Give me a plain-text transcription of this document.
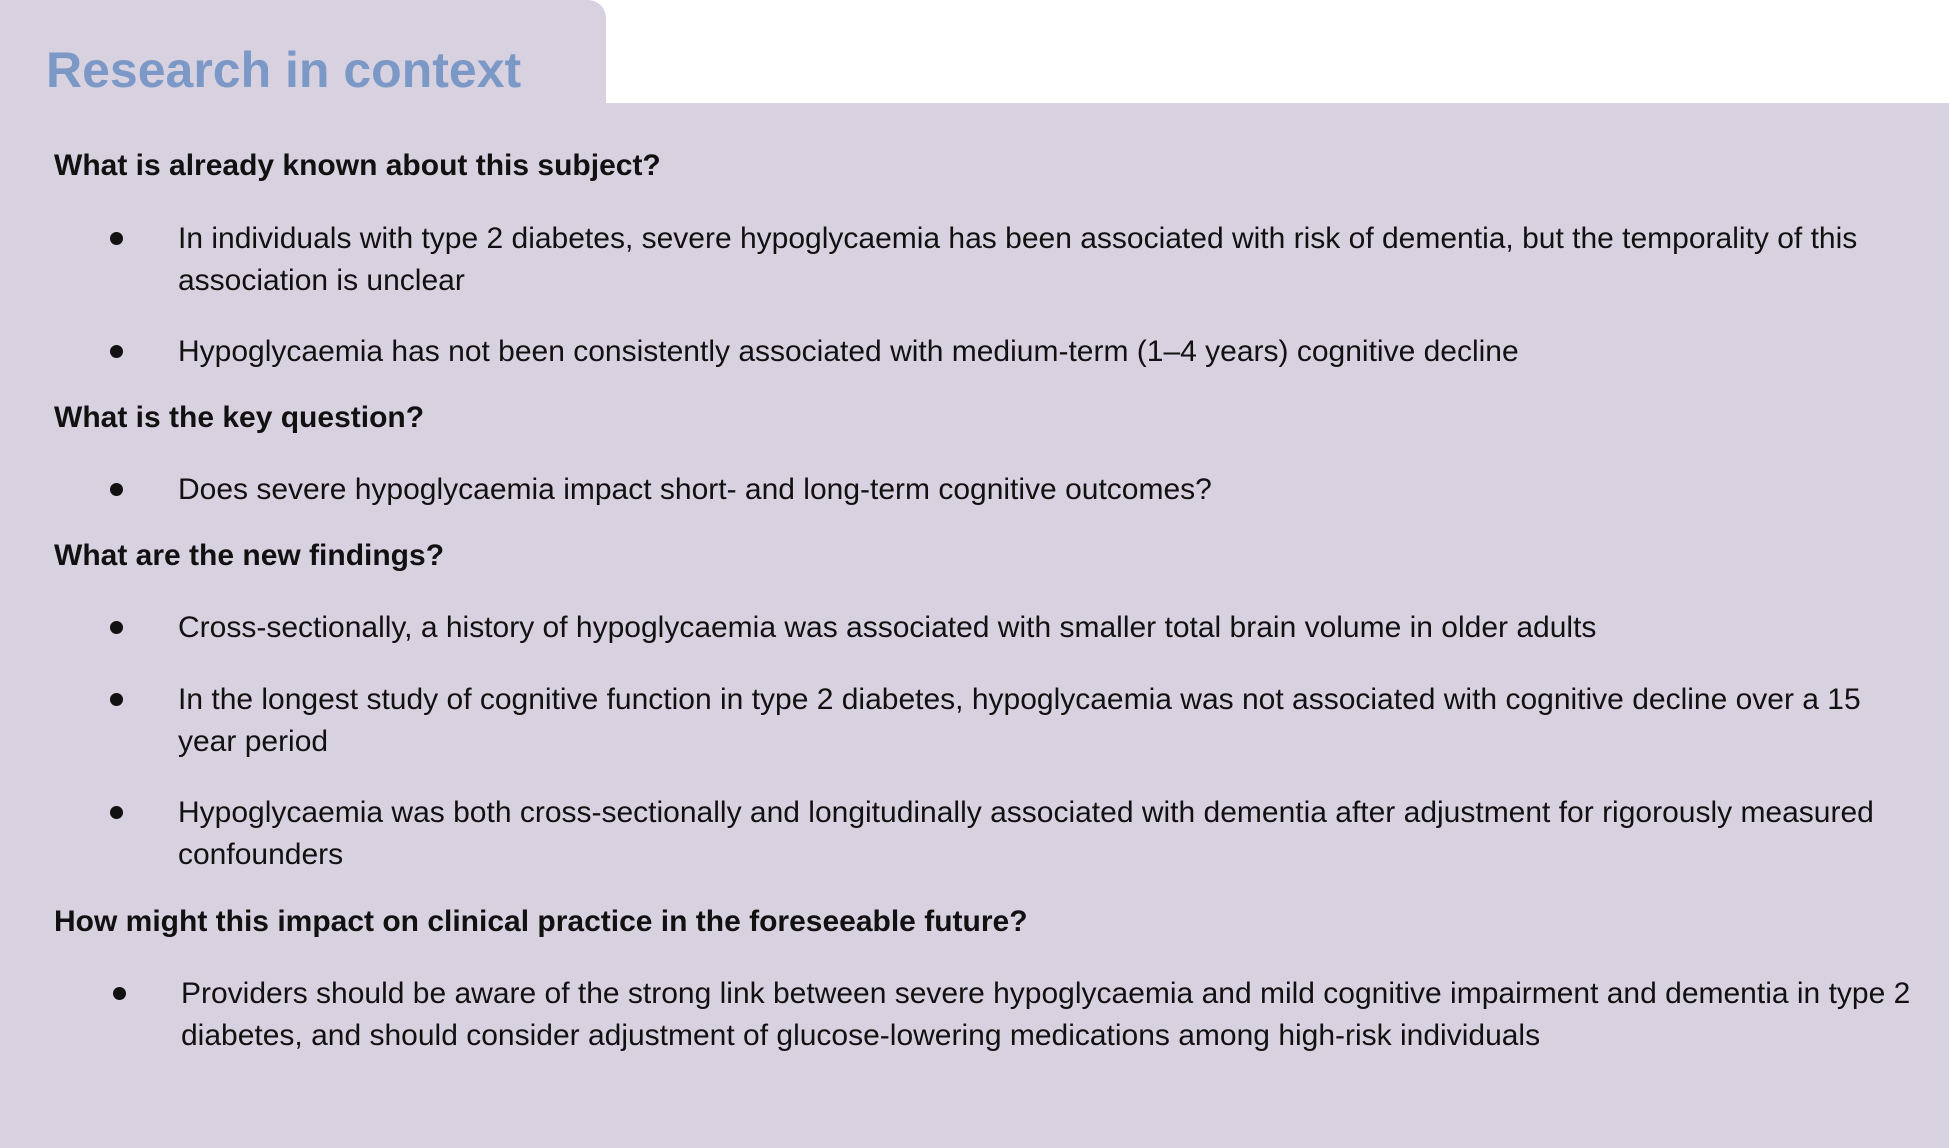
Research in context
What is already known about this subject?

In individuals with type 2 diabetes, severe hypoglycaemia has been associated with risk of dementia, but the temporality of this association is unclear

Hypoglycaemia has not been consistently associated with medium-term (1–4 years) cognitive decline

What is the key question?

Does severe hypoglycaemia impact short- and long-term cognitive outcomes?

What are the new findings?

Cross-sectionally, a history of hypoglycaemia was associated with smaller total brain volume in older adults

In the longest study of cognitive function in type 2 diabetes, hypoglycaemia was not associated with cognitive decline over a 15 year period

Hypoglycaemia was both cross-sectionally and longitudinally associated with dementia after adjustment for rigorously measured confounders

How might this impact on clinical practice in the foreseeable future?

Providers should be aware of the strong link between severe hypoglycaemia and mild cognitive impairment and dementia in type 2 diabetes, and should consider adjustment of glucose-lowering medications among high-risk individuals
